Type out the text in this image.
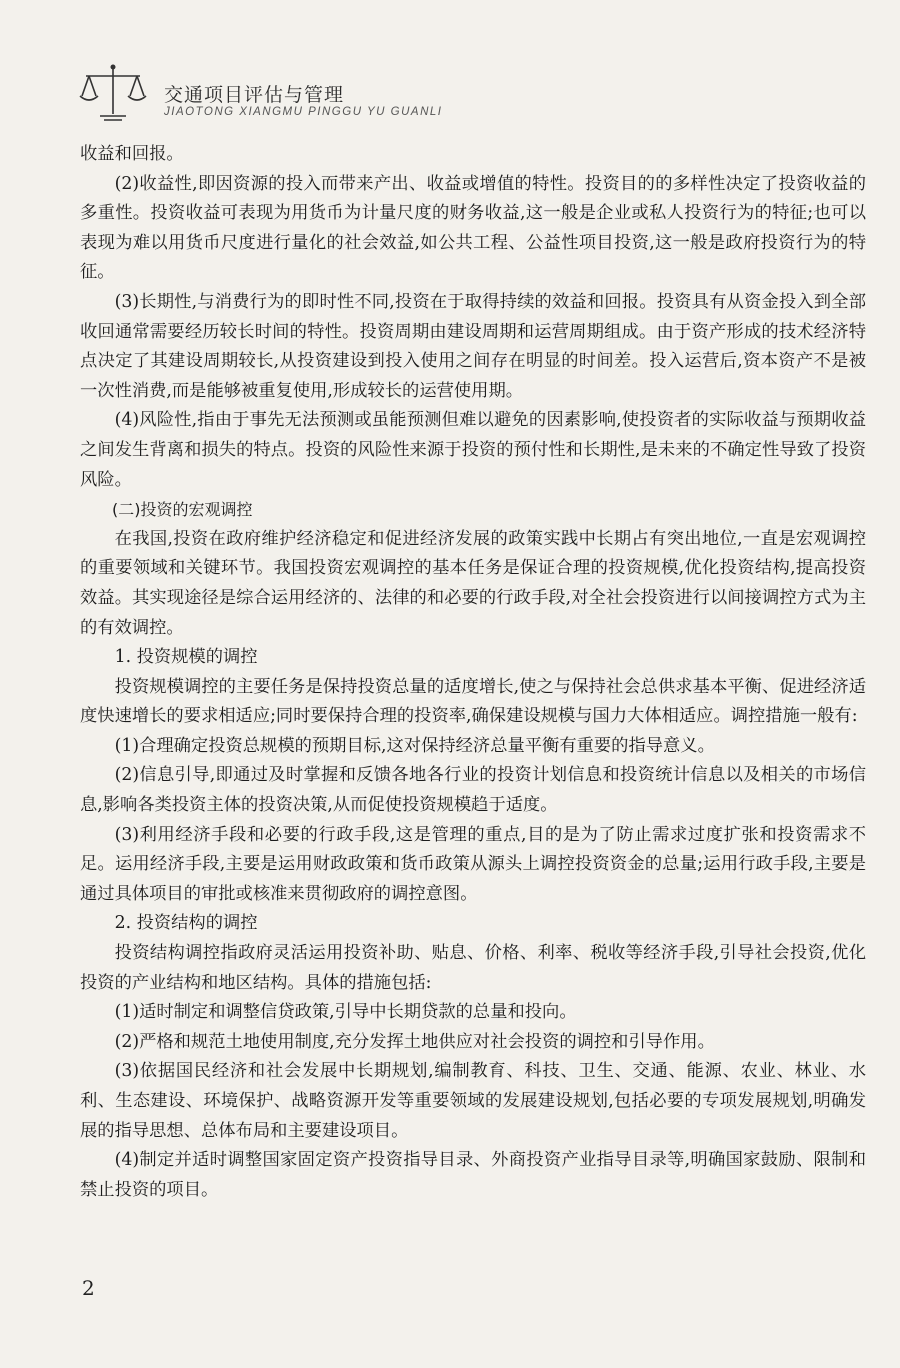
交通项目评估与管理
JIAOTONG XIANGMU PINGGU YU GUANLI

收益和回报。

(2)收益性,即因资源的投入而带来产出、收益或增值的特性。投资目的的多样性决定了投资收益的多重性。投资收益可表现为用货币为计量尺度的财务收益,这一般是企业或私人投资行为的特征;也可以表现为难以用货币尺度进行量化的社会效益,如公共工程、公益性项目投资,这一般是政府投资行为的特征。

(3)长期性,与消费行为的即时性不同,投资在于取得持续的效益和回报。投资具有从资金投入到全部收回通常需要经历较长时间的特性。投资周期由建设周期和运营周期组成。由于资产形成的技术经济特点决定了其建设周期较长,从投资建设到投入使用之间存在明显的时间差。投入运营后,资本资产不是被一次性消费,而是能够被重复使用,形成较长的运营使用期。

(4)风险性,指由于事先无法预测或虽能预测但难以避免的因素影响,使投资者的实际收益与预期收益之间发生背离和损失的特点。投资的风险性来源于投资的预付性和长期性,是未来的不确定性导致了投资风险。

(二)投资的宏观调控

在我国,投资在政府维护经济稳定和促进经济发展的政策实践中长期占有突出地位,一直是宏观调控的重要领域和关键环节。我国投资宏观调控的基本任务是保证合理的投资规模,优化投资结构,提高投资效益。其实现途径是综合运用经济的、法律的和必要的行政手段,对全社会投资进行以间接调控方式为主的有效调控。

1. 投资规模的调控

投资规模调控的主要任务是保持投资总量的适度增长,使之与保持社会总供求基本平衡、促进经济适度快速增长的要求相适应;同时要保持合理的投资率,确保建设规模与国力大体相适应。调控措施一般有:

(1)合理确定投资总规模的预期目标,这对保持经济总量平衡有重要的指导意义。

(2)信息引导,即通过及时掌握和反馈各地各行业的投资计划信息和投资统计信息以及相关的市场信息,影响各类投资主体的投资决策,从而促使投资规模趋于适度。

(3)利用经济手段和必要的行政手段,这是管理的重点,目的是为了防止需求过度扩张和投资需求不足。运用经济手段,主要是运用财政政策和货币政策从源头上调控投资资金的总量;运用行政手段,主要是通过具体项目的审批或核准来贯彻政府的调控意图。

2. 投资结构的调控

投资结构调控指政府灵活运用投资补助、贴息、价格、利率、税收等经济手段,引导社会投资,优化投资的产业结构和地区结构。具体的措施包括:

(1)适时制定和调整信贷政策,引导中长期贷款的总量和投向。

(2)严格和规范土地使用制度,充分发挥土地供应对社会投资的调控和引导作用。

(3)依据国民经济和社会发展中长期规划,编制教育、科技、卫生、交通、能源、农业、林业、水利、生态建设、环境保护、战略资源开发等重要领域的发展建设规划,包括必要的专项发展规划,明确发展的指导思想、总体布局和主要建设项目。

(4)制定并适时调整国家固定资产投资指导目录、外商投资产业指导目录等,明确国家鼓励、限制和禁止投资的项目。

2
